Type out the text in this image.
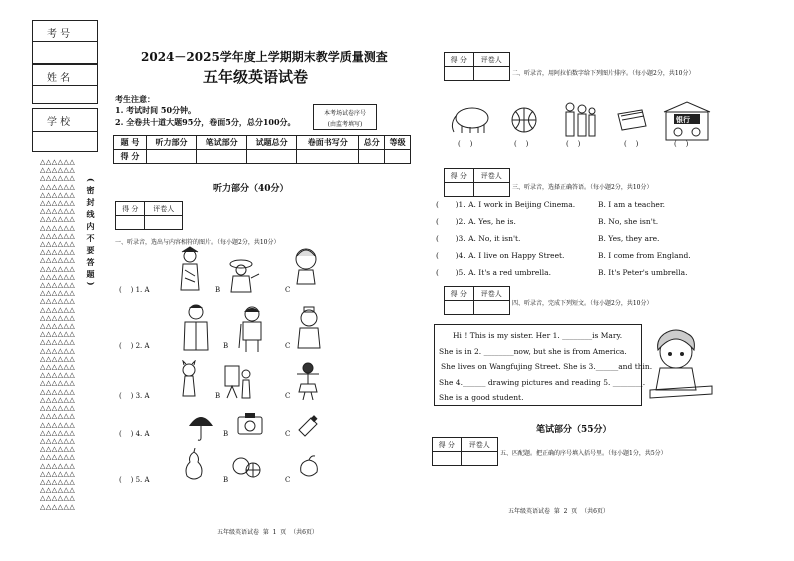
考 号
姓 名
学 校
△△△△△△
△△△△△△
△△△△△△
△△△△△△
△△△△△△
△△△△△△
△△△△△△
△△△△△△
△△△△△△
△△△△△△
△△△△△△
△△△△△△
△△△△△△
△△△△△△
△△△△△△
△△△△△△
△△△△△△
△△△△△△
△△△△△△
△△△△△△
△△△△△△
△△△△△△
△△△△△△
△△△△△△
△△△△△△
△△△△△△
△△△△△△
△△△△△△
△△△△△△
△△△△△△
△△△△△△
△△△△△△
△△△△△△
△△△△△△
△△△△△△
△△△△△△
△△△△△△
△△△△△△
△△△△△△
△△△△△△
△△△△△△
△△△△△△
△△△△△△
(密封线内不要答题)
2024－2025学年度上学期期末教学质量测查
五年级英语试卷
考生注意：
1. 考试时间 50分钟。
2. 全卷共十道大题95分，卷面5分，总分100分。
本考场试卷序号
(由监考填写)
题 号	听力部分	笔试部分	试题总分	卷面书写分	总分	等级
得 分						
听力部分（40分）
得 分	评卷人

一、听录音，选出与内容相符的图片。（每小题2分，共10分）
(    ) 1. A	B	C
(    ) 2. A	B	C
(    ) 3. A	B	C
(    ) 4. A	B	C
(    ) 5. A	B	C
五年级英语试卷  第  1  页  （共6页）
得 分	评卷人

二、听录音，用阿拉伯数字给下列图片排序。（每小题2分，共10分）
(    )	(    )	(    )	(    )
银行
(    )
得 分	评卷人

三、听录音，选择正确答语。（每小题2分，共10分）
(       )1. A. I work in Beijing Cinema.	B. I am a teacher.
(       )2. A. Yes, he is.	B. No, she isn't.
(       )3. A. No, it isn't.	B. Yes, they are.
(       )4. A. I live on Happy Street.	B. I come from England.
(       )5. A. It's a red umbrella.	B. It's Peter's umbrella.
得 分	评卷人

四、听录音，完成下列短文。（每小题2分，共10分）
Hi ! This is my sister. Her 1. ________is Mary.
She is in 2. ________now, but she is from America.
She lives on Wangfujing Street. She is 3.______and thin.
She 4.______ drawing pictures and reading 5. ________.
She is a good student.
笔试部分（55分）
得 分	评卷人

五、匹配题。把正确的序号填入括号里。（每小题1分，共5分）
五年级英语试卷  第  2  页  （共6页）
